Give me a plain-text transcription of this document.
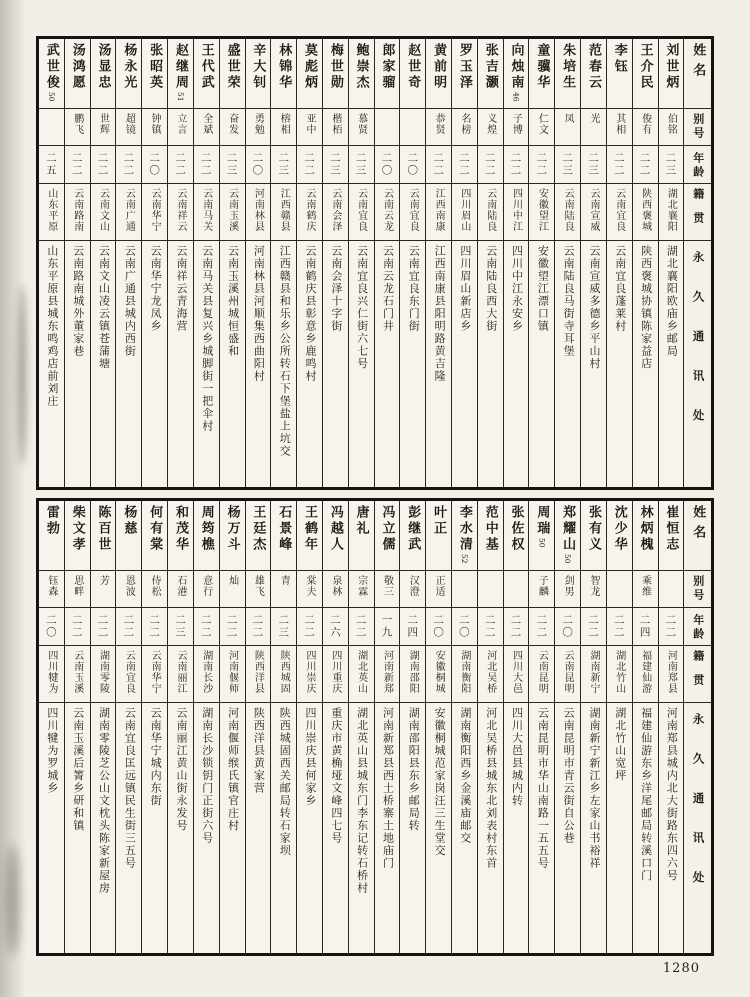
武世俊50
二五
山东平原
山东平原县城东鸣鸡店前刘庄
汤鸿愿
鹏飞
二二
云南路南
云南路南城外董家巷
汤显忠
世辉
二二
云南文山
云南文山凌云镇苍蒲塘
杨永光
超镜
二二
云南广通
云南广通县城内西街
张昭英
钟镇
二〇
云南华宁
云南华宁龙凤乡
赵继周51
立言
二二
云南祥云
云南祥云青海营
王代武
全斌
二二
云南马关
云南马关县复兴乡城脚街一把伞村
盛世荣
奋发
二三
云南玉溪
云南玉溪州城恒盛和
辛大钊
勇勉
二〇
河南林县
河南林县河顺集西曲阳村
林锦华
榕相
二三
江西赣县
江西赣县和乐乡公所转石下堡盐上坑交
莫彪炳
亚中
二二
云南鹤庆
云南鹤庆县彰意乡鹿鸣村
梅世勋
楷栢
二三
云南会泽
云南会泽十字街
鲍崇杰
慕贤
二三
云南宜良
云南宜良兴仁街六七号
郎家骝
二〇
云南云龙
云南云龙石门井
赵世奇
二〇
云南宜良
云南宜良东门街
黄前明
恭贤
二二
江西南康
江西南康县阳明路黄吉隆
罗玉泽
名榜
二二
四川眉山
四川眉山新店乡
张吉灏
义煌
二二
云南陆良
云南陆良西大街
向烛南46
子博
二二
四川中江
四川中江永安乡
童骥华
仁文
二二
安徽望江
安徽望江漂口镇
朱培生
凤
二三
云南陆良
云南陆良马街寺耳堡
范春云
光
二三
云南宣威
云南宣威多德乡平山村
李钰
其相
二二
云南宜良
云南宜良蓬莱村
王介民
俊有
二二
陕西褒城
陕西褒城协镇陈家益店
刘世炳
伯铭
二三
湖北襄阳
湖北襄阳欧庙乡邮局
姓名
别号
年龄
籍贯
永久通讯处
雷勃
钰森
二〇
四川犍为
四川犍为罗城乡
柴文孝
思畔
二二
云南玉溪
云南玉溪后箐乡研和镇
陈百世
芳
二二
湖南零陵
湖南零陵芝公山文枕头陈家新屋房
杨慈
恩波
二二
云南宜良
云南宜良匡远镇民生街三五号
何有棠
侍松
二二
云南华宁
云南华宁城内东街
和茂华
石港
二三
云南丽江
云南丽江黄山街永发号
周筠樵
意行
二二
湖南长沙
湖南长沙锁钥门正街六号
杨万斗
灿
二二
河南偃师
河南偃师缑氏镇官庄村
王廷杰
雄飞
二二
陕西洋县
陕西洋县黄家营
石景峰
青
二三
陕西城固
陕西城固西关邮局转石家坝
王鹤年
棠夫
二二
四川崇庆
四川崇庆县何家乡
冯越人
泉林
二六
四川重庆
重庆市黄桷垭文峰四七号
唐礼
宗霖
二二
湖北英山
湖北英山县城东门李东记转石桥村
冯立儒
敬三
一九
河南新郑
河南新郑县西土桥寨土地庙门
彭继武
汉澄
二四
湖南邵阳
湖南邵阳县东乡邮局转
叶正
正适
二〇
安徽桐城
安徽桐城范家岗汪三生堂交
李水清52
二〇
湖南衡阳
湖南衡阳西乡金溪庙邮交
范中基
二二
河北吴桥
河北吴桥县城东北刘表村东首
张佐权
二二
四川大邑
四川大邑县城内转
周瑞50
子麟
二二
云南昆明
云南昆明市华山南路一五五号
郑耀山50
剑男
二〇
云南昆明
云南昆明市青云街自公巷
张有义
智龙
二二
湖南新宁
湖南新宁新江乡左家山书裕祥
沈少华
二二
湖北竹山
湖北竹山宽坪
林炳槐
乘维
二四
福建仙游
福建仙游东乡洋尾邮局转溪口门
崔恒志
二二
河南郑县
河南郑县城内北大街路东四六号
姓名
别号
年龄
籍贯
永久通讯处
1280
